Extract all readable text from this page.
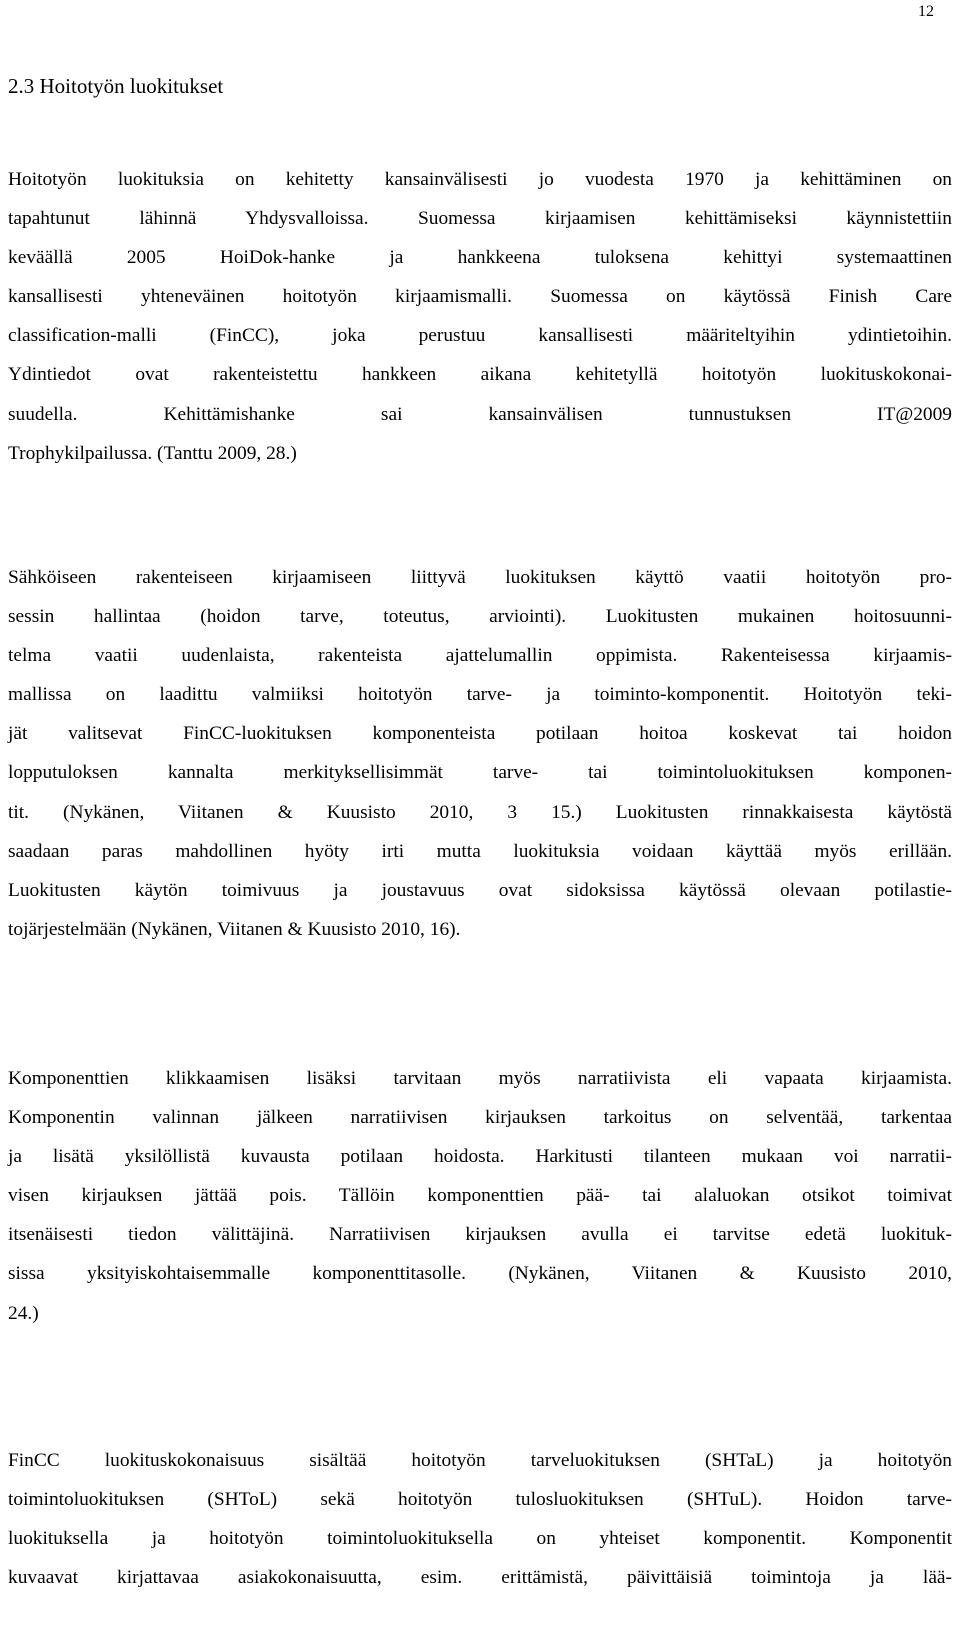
12
2.3 Hoitotyön luokitukset

Hoitotyön luokituksia on kehitetty kansainvälisesti jo vuodesta 1970 ja kehittäminen on
tapahtunut lähinnä Yhdysvalloissa. Suomessa kirjaamisen kehittämiseksi käynnistettiin
keväällä 2005 HoiDok-hanke ja hankkeena tuloksena kehittyi systemaattinen
kansallisesti yhteneväinen hoitotyön kirjaamismalli. Suomessa on käytössä Finish Care
classification-malli (FinCC), joka perustuu kansallisesti määriteltyihin ydintietoihin.
Ydintiedot ovat rakenteistettu hankkeen aikana kehitetyllä hoitotyön luokituskokonai-
suudella. Kehittämishanke sai kansainvälisen tunnustuksen IT@2009
Trophykilpailussa. (Tanttu 2009, 28.)

Sähköiseen rakenteiseen kirjaamiseen liittyvä luokituksen käyttö vaatii hoitotyön pro-
sessin hallintaa (hoidon tarve, toteutus, arviointi). Luokitusten mukainen hoitosuunni-
telma vaatii uudenlaista, rakenteista ajattelumallin oppimista. Rakenteisessa kirjaamis-
mallissa on laadittu valmiiksi hoitotyön tarve- ja toiminto-komponentit. Hoitotyön teki-
jät valitsevat FinCC-luokituksen komponenteista potilaan hoitoa koskevat tai hoidon
lopputuloksen kannalta merkityksellisimmät tarve- tai toimintoluokituksen komponen-
tit. (Nykänen, Viitanen & Kuusisto 2010, 3 15.) Luokitusten rinnakkaisesta käytöstä
saadaan paras mahdollinen hyöty irti mutta luokituksia voidaan käyttää myös erillään.
Luokitusten käytön toimivuus ja joustavuus ovat sidoksissa käytössä olevaan potilastie-
tojärjestelmään (Nykänen, Viitanen & Kuusisto 2010, 16).

Komponenttien klikkaamisen lisäksi tarvitaan myös narratiivista eli vapaata kirjaamista.
Komponentin valinnan jälkeen narratiivisen kirjauksen tarkoitus on selventää, tarkentaa
ja lisätä yksilöllistä kuvausta potilaan hoidosta. Harkitusti tilanteen mukaan voi narratii-
visen kirjauksen jättää pois. Tällöin komponenttien pää- tai alaluokan otsikot toimivat
itsenäisesti tiedon välittäjinä. Narratiivisen kirjauksen avulla ei tarvitse edetä luokituk-
sissa yksityiskohtaisemmalle komponenttitasolle. (Nykänen, Viitanen & Kuusisto 2010,
24.)

FinCC luokituskokonaisuus sisältää hoitotyön tarveluokituksen (SHTaL) ja hoitotyön
toimintoluokituksen (SHToL) sekä hoitotyön tulosluokituksen (SHTuL). Hoidon tarve-
luokituksella ja hoitotyön toimintoluokituksella on yhteiset komponentit. Komponentit
kuvaavat kirjattavaa asiakokonaisuutta, esim. erittämistä, päivittäisiä toimintoja ja lää-
